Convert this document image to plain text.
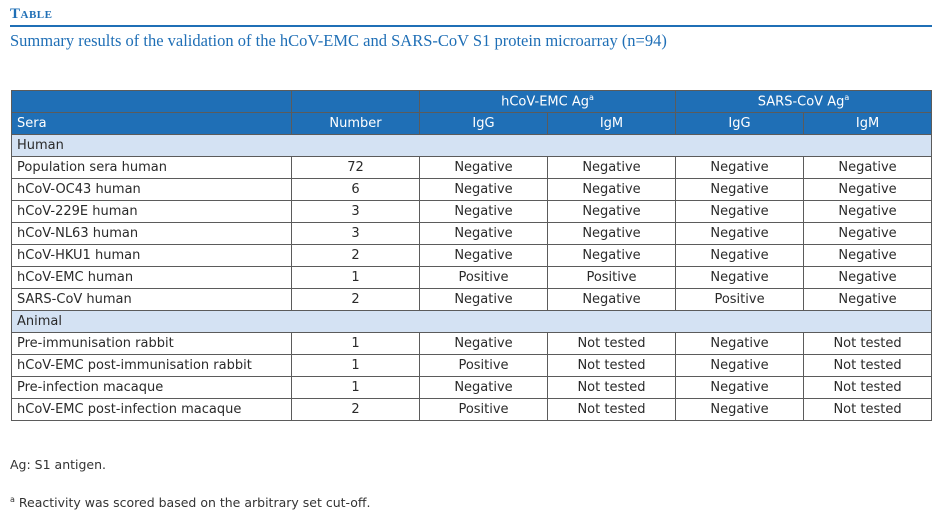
Table
Summary results of the validation of the hCoV-EMC and SARS-CoV S1 protein microarray (n=94)
		hCoV-EMC Ag$^a$		SARS-CoV Ag$^a$
Sera	Number	IgG	IgM	IgG	IgM
Human					
Population sera human	72	Negative	Negative	Negative	Negative
hCoV-OC43 human	6	Negative	Negative	Negative	Negative
hCoV-229E human	3	Negative	Negative	Negative	Negative
hCoV-NL63 human	3	Negative	Negative	Negative	Negative
hCoV-HKU1 human	2	Negative	Negative	Negative	Negative
hCoV-EMC human	1	Positive	Positive	Negative	Negative
SARS-CoV human	2	Negative	Negative	Positive	Negative
Animal					
Pre-immunisation rabbit	1	Negative	Not tested	Negative	Not tested
hCoV-EMC post-immunisation rabbit	1	Positive	Not tested	Negative	Not tested
Pre-infection macaque	1	Negative	Not tested	Negative	Not tested
hCoV-EMC post-infection macaque	2	Positive	Not tested	Negative	Not tested
Ag: S1 antigen.
$^a$ Reactivity was scored based on the arbitrary set cut-off.
